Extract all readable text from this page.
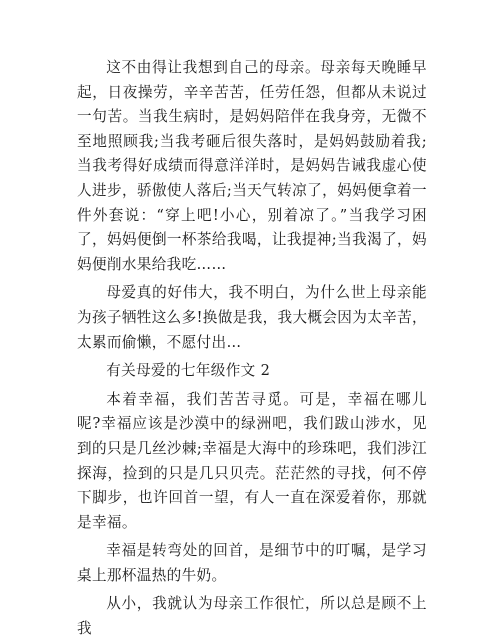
这不由得让我想到自己的母亲。母亲每天晚睡早起，日夜操劳，辛辛苦苦，任劳任怨，但都从未说过一句苦。当我生病时，是妈妈陪伴在我身旁，无微不至地照顾我;当我考砸后很失落时，是妈妈鼓励着我;当我考得好成绩而得意洋洋时，是妈妈告诫我虚心使人进步，骄傲使人落后;当天气转凉了，妈妈便拿着一件外套说：“穿上吧!小心，别着凉了。”当我学习困了，妈妈便倒一杯茶给我喝，让我提神;当我渴了，妈妈便削水果给我吃……

母爱真的好伟大，我不明白，为什么世上母亲能为孩子牺牲这么多!换做是我，我大概会因为太辛苦，太累而偷懒，不愿付出…

有关母爱的七年级作文 2

本着幸福，我们苦苦寻觅。可是，幸福在哪儿呢?幸福应该是沙漠中的绿洲吧，我们跋山涉水，见到的只是几丝沙棘;幸福是大海中的珍珠吧，我们涉江探海，捡到的只是几只贝壳。茫茫然的寻找，何不停下脚步，也许回首一望，有人一直在深爱着你，那就是幸福。

幸福是转弯处的回首，是细节中的叮嘱，是学习桌上那杯温热的牛奶。

从小，我就认为母亲工作很忙，所以总是顾不上我
